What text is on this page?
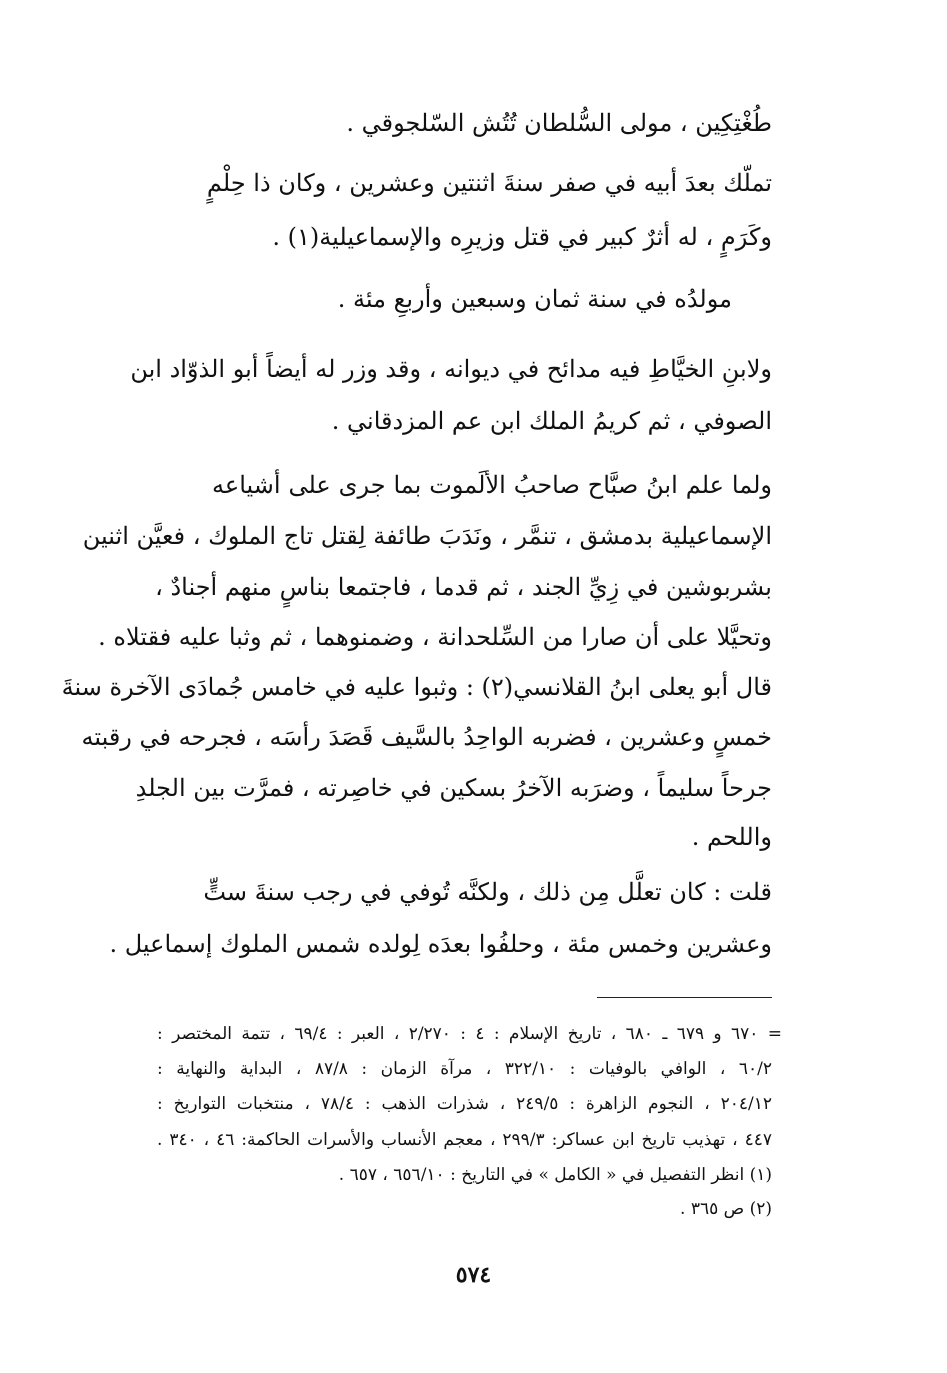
طُغْتِكِين ، مولى السُّلطان تُتُش السّلجوقي .
تملّك بعدَ أبيه في صفر سنةَ اثنتين وعشرين ، وكان ذا حِلْمٍ
وكَرَمٍ ، له أثرٌ كبير في قتل وزيرِه والإسماعيلية(١) .
مولدُه في سنة ثمان وسبعين وأربعِ مئة .
ولابنِ الخيَّاطِ فيه مدائح في ديوانه ، وقد وزر له أيضاً أبو الذوّاد ابن
الصوفي ، ثم كريمُ الملك ابن عم المزدقاني .
ولما علم ابنُ صبَّاح صاحبُ الألَموت بما جرى على أشياعه
الإسماعيلية بدمشق ، تنمَّر ، ونَدَبَ طائفة لِقتل تاج الملوك ، فعيَّن اثنين
بشربوشين في زِيِّ الجند ، ثم قدما ، فاجتمعا بناسٍ منهم أجنادٌ ،
وتحيَّلا على أن صارا من السِّلحدانة ، وضمنوهما ، ثم وثبا عليه فقتلاه .
قال أبو يعلى ابنُ القلانسي(٢) : وثبوا عليه في خامس جُمادَى الآخرة سنةَ
خمسٍ وعشرين ، فضربه الواحِدُ بالسَّيف قَصَدَ رأسَه ، فجرحه في رقبته
جرحاً سليماً ، وضرَبه الآخرُ بسكين في خاصِرته ، فمرَّت بين الجلدِ
واللحم .
قلت : كان تعلَّل مِن ذلك ، ولكنَّه تُوفي في رجب سنةَ ستٍّ
وعشرين وخمس مئة ، وحلفُوا بعدَه لِولده شمس الملوك إسماعيل .
= ٦٧٠ و ٦٧٩ ـ ٦٨٠ ، تاريخ الإسلام : ٤ : ٢/٢٧٠ ، العبر : ٦٩/٤ ، تتمة المختصر :
٦٠/٢ ، الوافي بالوفيات : ٣٢٢/١٠ ، مرآة الزمان : ٨٧/٨ ، البداية والنهاية :
٢٠٤/١٢ ، النجوم الزاهرة : ٢٤٩/٥ ، شذرات الذهب : ٧٨/٤ ، منتخبات التواريخ :
٤٤٧ ، تهذيب تاريخ ابن عساكر: ٢٩٩/٣ ، معجم الأنساب والأسرات الحاكمة: ٤٦ ، ٣٤٠ .
(١) انظر التفصيل في « الكامل » في التاريخ : ٦٥٦/١٠ ، ٦٥٧ .
(٢) ص ٣٦٥ .
٥٧٤
